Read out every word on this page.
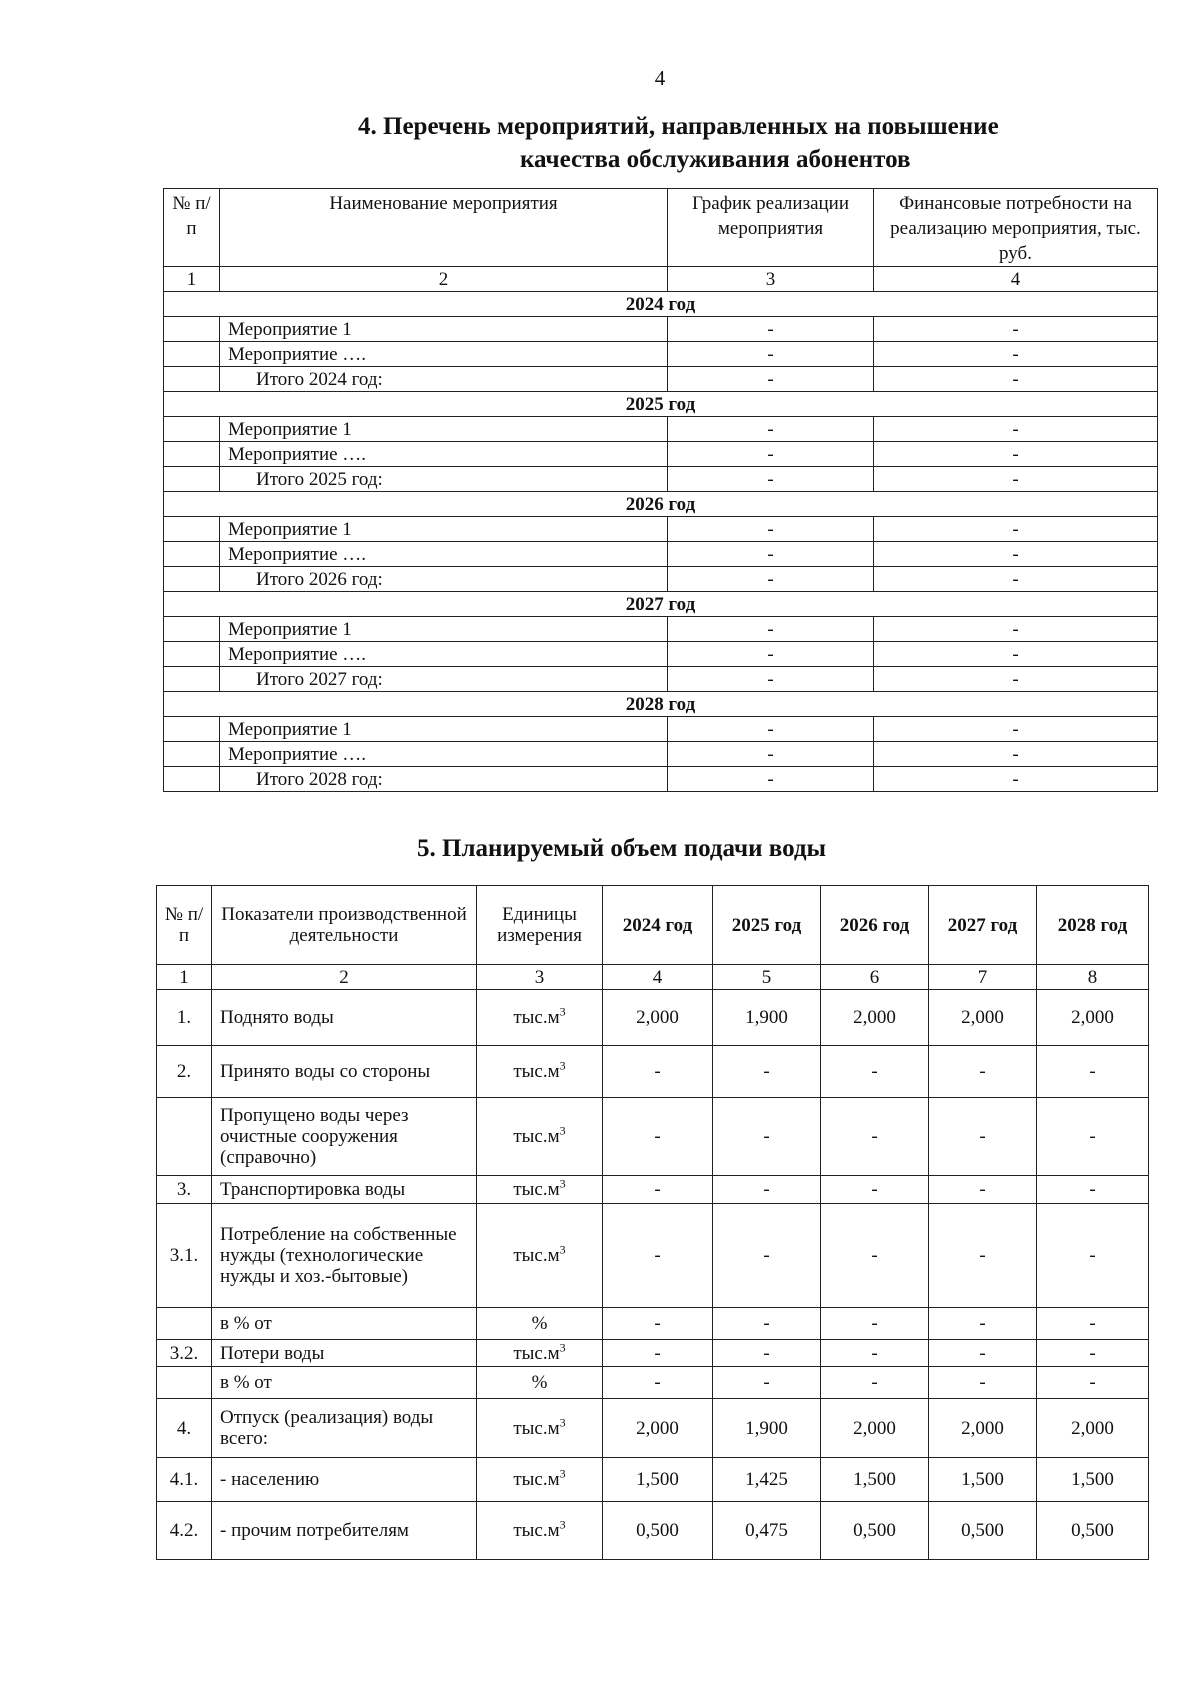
4
4. Перечень мероприятий, направленных на повышение
качества обслуживания абонентов
№ п/п	Наименование мероприятия	График реализации мероприятия	Финансовые потребности на реализацию мероприятия, тыс. руб.
1	2	3	4
2024 год			
	Мероприятие 1	-	-
	Мероприятие ….	-	-
	Итого 2024 год:	-	-
2025 год			
	Мероприятие 1	-	-
	Мероприятие ….	-	-
	Итого 2025 год:	-	-
2026 год			
	Мероприятие 1	-	-
	Мероприятие ….	-	-
	Итого 2026 год:	-	-
2027 год			
	Мероприятие 1	-	-
	Мероприятие ….	-	-
	Итого 2027 год:	-	-
2028 год			
	Мероприятие 1	-	-
	Мероприятие ….	-	-
	Итого 2028 год:	-	-
5. Планируемый объем подачи воды
№ п/п	Показатели производственной деятельности	Единицы измерения	2024 год	2025 год	2026 год	2027 год	2028 год
1	2	3	4	5	6	7	8
1.	Поднято воды	$тыс.м^3$	2,000	1,900	2,000	2,000	2,000
2.	Принято воды со стороны	$тыс.м^3$	-	-	-	-	-
	Пропущено воды через очистные сооружения (справочно)	$тыс.м^3$	-	-	-	-	-
3.	Транспортировка воды	$тыс.м^3$	-	-	-	-	-
3.1.	Потребление на собственные нужды (технологические нужды и хоз.-бытовые)	$тыс.м^3$	-	-	-	-	-
	в % от	%	-	-	-	-	-
3.2.	Потери воды	$тыс.м^3$	-	-	-	-	-
	в % от	%	-	-	-	-	-
4.	Отпуск (реализация) воды всего:	$тыс.м^3$	2,000	1,900	2,000	2,000	2,000
4.1.	- населению	$тыс.м^3$	1,500	1,425	1,500	1,500	1,500
4.2.	- прочим потребителям	$тыс.м^3$	0,500	0,475	0,500	0,500	0,500
